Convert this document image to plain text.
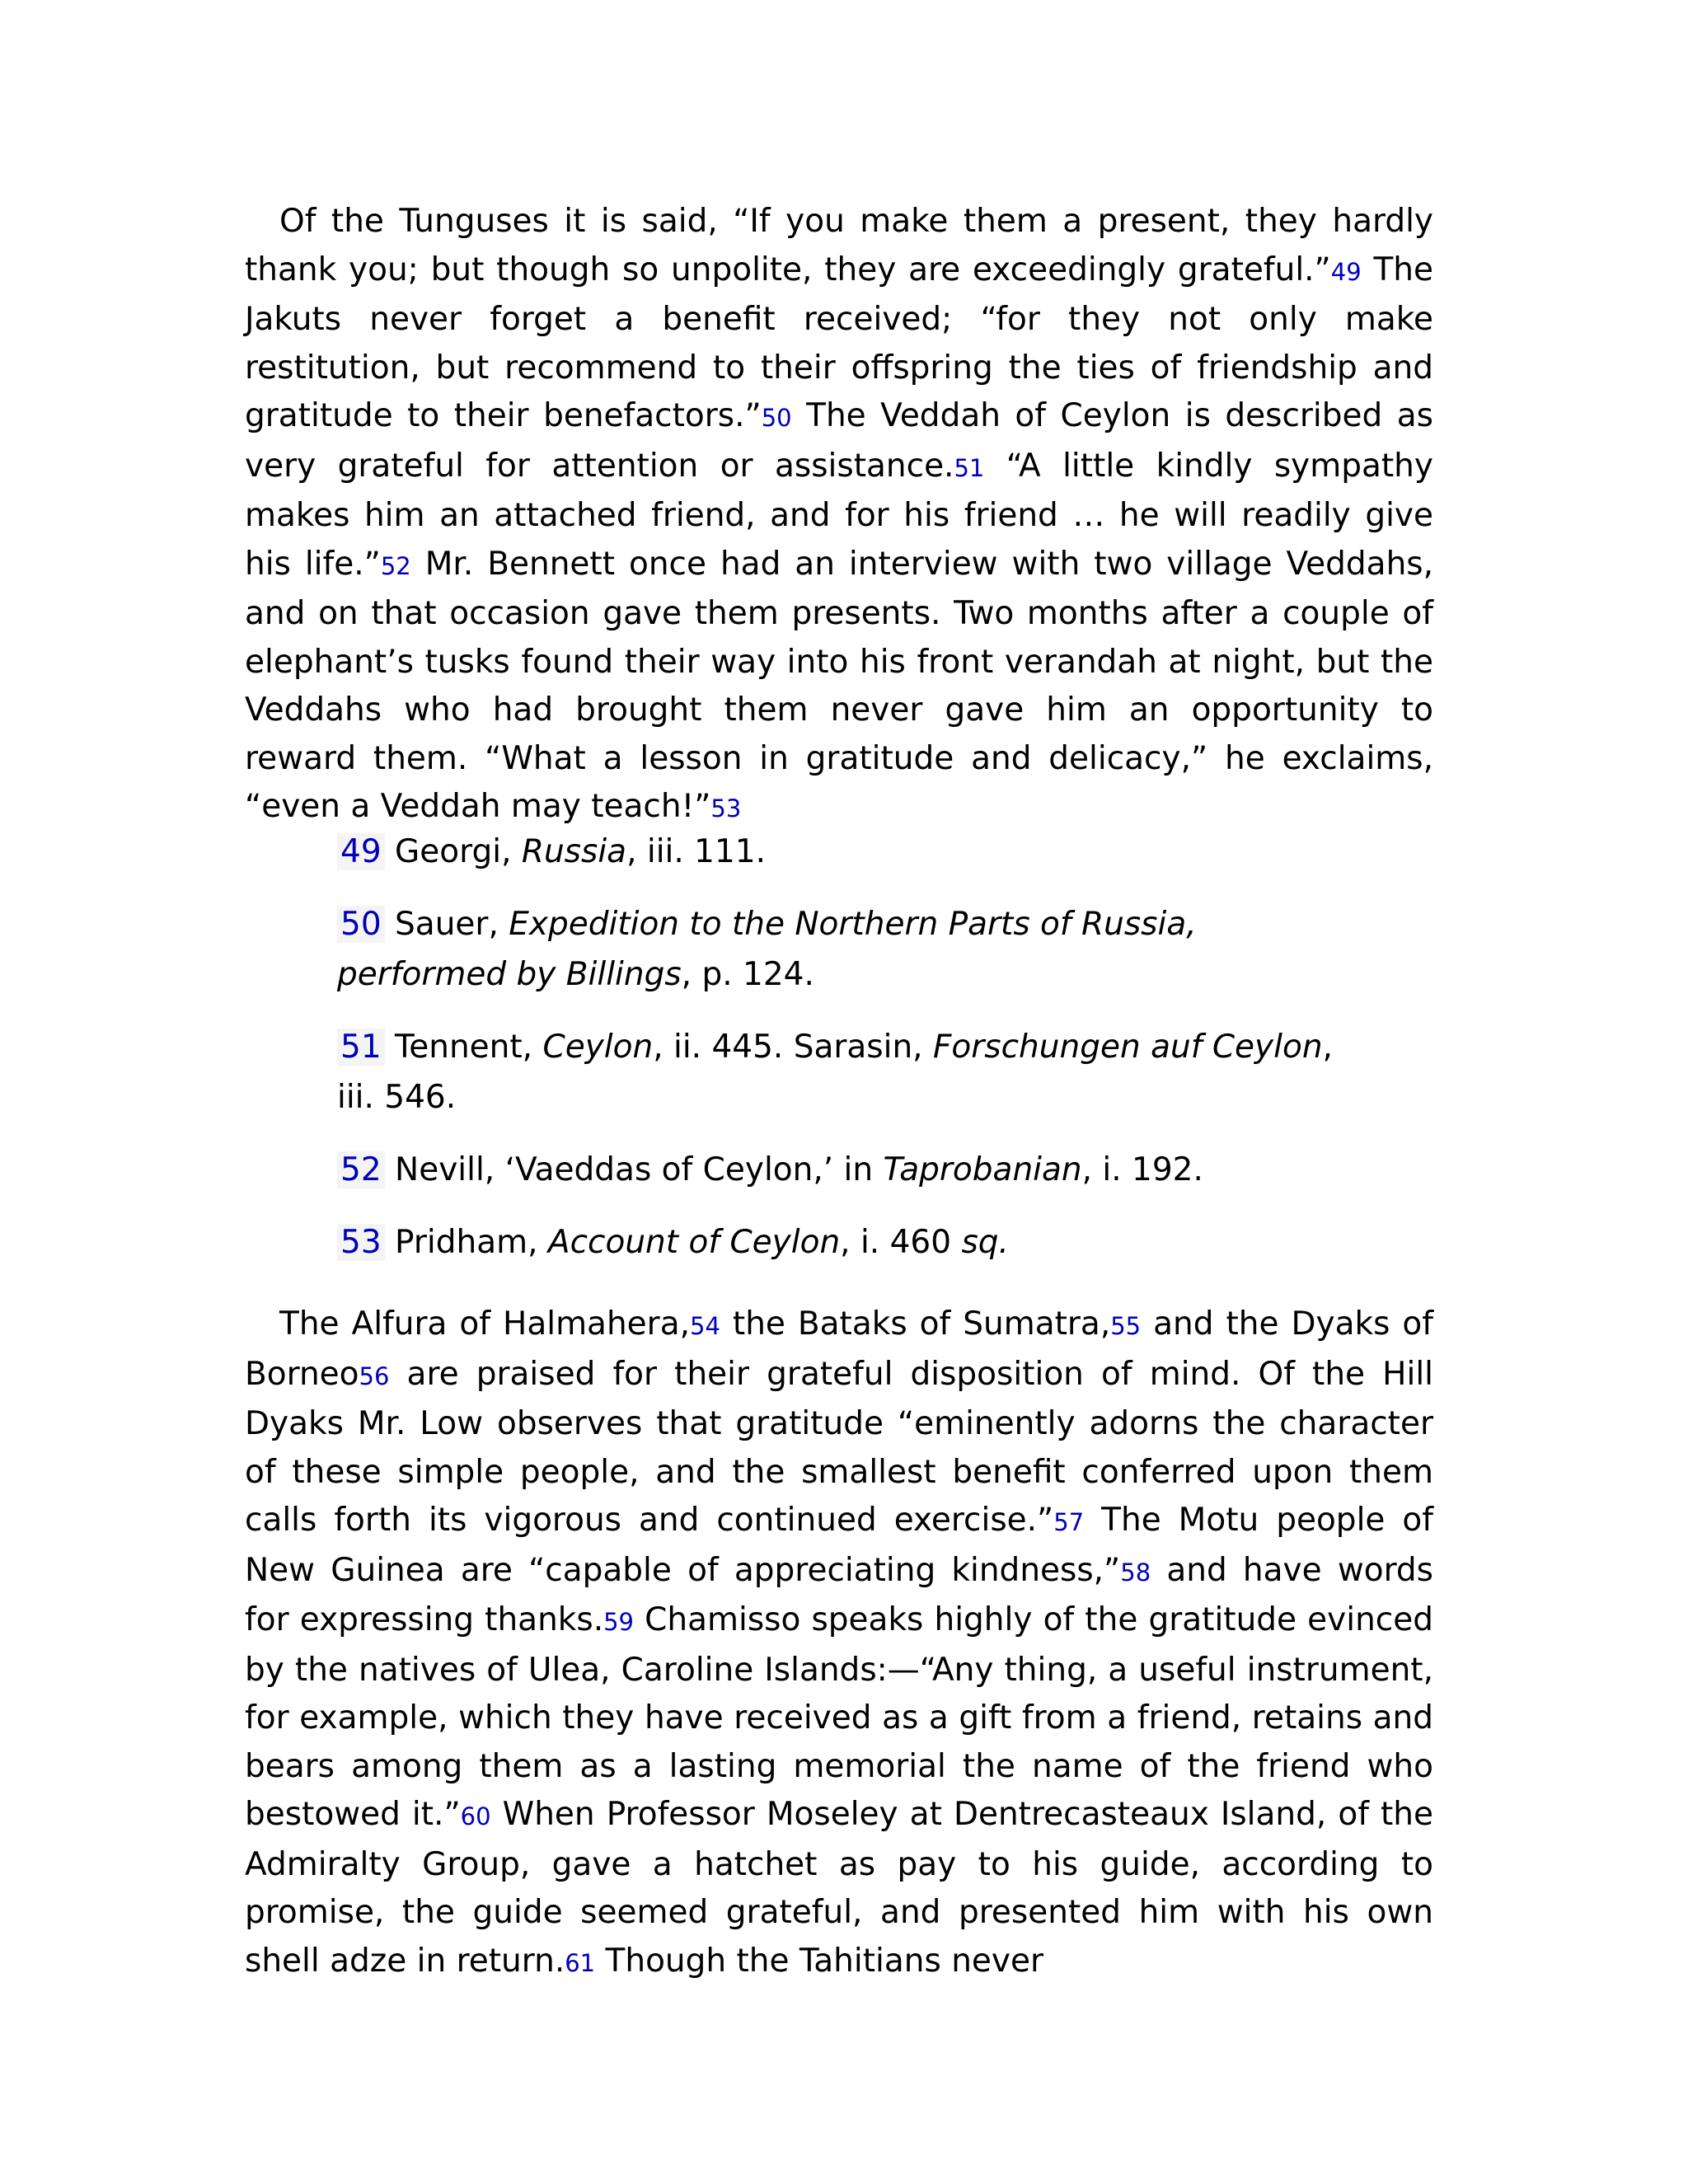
Of the Tunguses it is said, “If you make them a present, they hardly thank you; but though so unpolite, they are exceedingly grateful.”49 The Jakuts never forget a benefit received; “for they not only make restitution, but recommend to their offspring the ties of friendship and gratitude to their benefactors.”50 The Veddah of Ceylon is described as very grateful for attention or assistance.51 “A little kindly sympathy makes him an attached friend, and for his friend … he will readily give his life.”52 Mr. Bennett once had an interview with two village Veddahs, and on that occasion gave them presents. Two months after a couple of elephant’s tusks found their way into his front verandah at night, but the Veddahs who had brought them never gave him an opportunity to reward them. “What a lesson in gratitude and delicacy,” he exclaims, “even a Veddah may teach!”53

49 Georgi, Russia, iii. 111.

50 Sauer, Expedition to the Northern Parts of Russia, performed by Billings, p. 124.

51 Tennent, Ceylon, ii. 445. Sarasin, Forschungen auf Ceylon, iii. 546.

52 Nevill, ‘Vaeddas of Ceylon,’ in Taprobanian, i. 192.

53 Pridham, Account of Ceylon, i. 460 sq.

The Alfura of Halmahera,54 the Bataks of Sumatra,55 and the Dyaks of Borneo56 are praised for their grateful disposition of mind. Of the Hill Dyaks Mr. Low observes that gratitude “eminently adorns the character of these simple people, and the smallest benefit conferred upon them calls forth its vigorous and continued exercise.”57 The Motu people of New Guinea are “capable of appreciating kindness,”58 and have words for expressing thanks.59 Chamisso speaks highly of the gratitude evinced by the natives of Ulea, Caroline Islands:—“Any thing, a useful instrument, for example, which they have received as a gift from a friend, retains and bears among them as a lasting memorial the name of the friend who bestowed it.”60 When Professor Moseley at Dentrecasteaux Island, of the Admiralty Group, gave a hatchet as pay to his guide, according to promise, the guide seemed grateful, and presented him with his own shell adze in return.61 Though the Tahitians never
